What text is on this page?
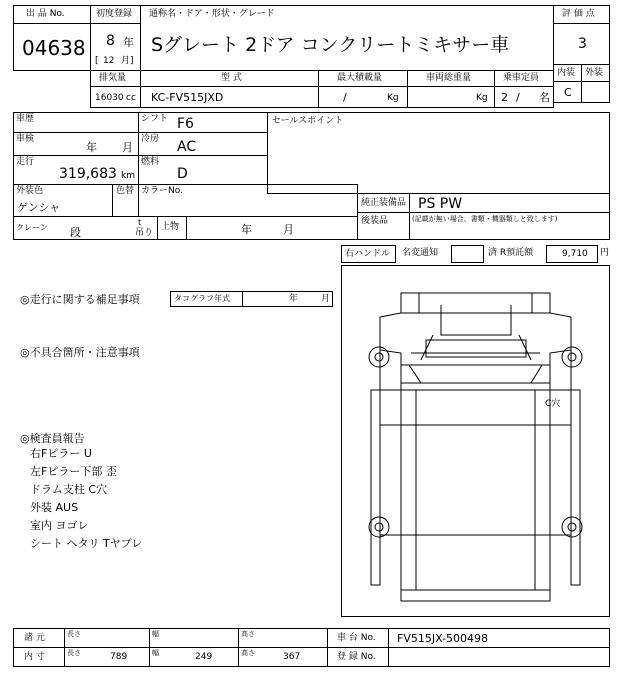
出 品 No.
04638
初度登録
8 年
[ 12 月]
通称名・ドア・形状・グレード
Sグレート 2ドア コンクリートミキサー車
評 価 点
3
内装 外装
C
排気量	型 式	最大積載量	車両総重量	乗車定員
16030 cc KC-FV515JXD	/	Kg	Kg 2 / 名
車歴	シフト F6
車検
年 月
冷房 AC
走行
319,683 km
燃料
D
セールスポイント
外装色
ゲンシャ
色替 カラーNo.
純正装備品 PS PW
後装品	(記載が無い場合、書類・機器類しと致します)
クレーン 段
t
吊り
上物	年	月
右ハンドル 名変通知	済 R預託額	9,710 円
◎走行に関する補足事項	タコグラフ年式	年	月
◎不具合箇所・注意事項
◎検査員報告
右Fピラー U
左Fピラー下部 歪
ドラム支柱 C穴
外装 AUS
室内 ヨゴレ
シート ヘタリ Tヤブレ
C穴
諸 元
内 寸
長さ	幅	高さ
長さ	789	幅	249	高さ	367
車 台 No. FV515JX-500498
登 録 No.
